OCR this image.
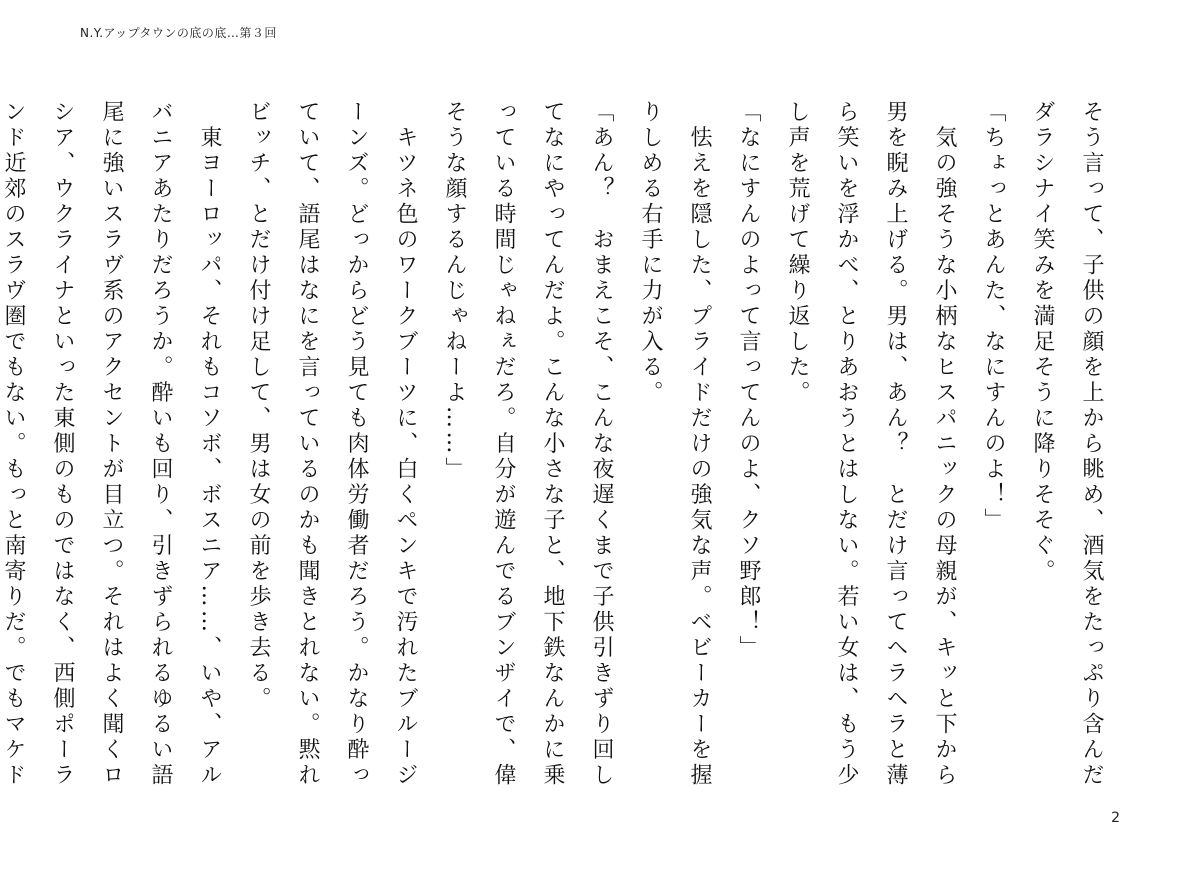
N.Y.アップタウンの底の底…第３回

そう言って、子供の顔を上から眺め、酒気をたっぷり含んだダラシナイ笑みを満足そうに降りそそぐ。

「ちょっとあんた、なにすんのよ！」

　気の強そうな小柄なヒスパニックの母親が、キッと下から男を睨み上げる。男は、あん？　とだけ言ってヘラヘラと薄ら笑いを浮かべ、とりあおうとはしない。若い女は、もう少し声を荒げて繰り返した。

「なにすんのよって言ってんのよ、クソ野郎！」

　怯えを隠した、プライドだけの強気な声。ベビーカーを握りしめる右手に力が入る。

「あん？　おまえこそ、こんな夜遅くまで子供引きずり回してなにやってんだよ。こんな小さな子と、地下鉄なんかに乗っている時間じゃねぇだろ。自分が遊んでるブンザイで、偉そうな顔するんじゃねーよ……」

　キツネ色のワークブーツに、白くペンキで汚れたブルージーンズ。どっからどう見ても肉体労働者だろう。かなり酔っていて、語尾はなにを言っているのかも聞きとれない。黙れビッチ、とだけ付け足して、男は女の前を歩き去る。

　東ヨーロッパ、それもコソボ、ボスニア……、いや、アルバニアあたりだろうか。酔いも回り、引きずられるゆるい語尾に強いスラヴ系のアクセントが目立つ。それはよく聞くロシア、ウクライナといった東側のものではなく、西側ポーランド近郊のスラヴ圏でもない。もっと南寄りだ。でもマケド

2
